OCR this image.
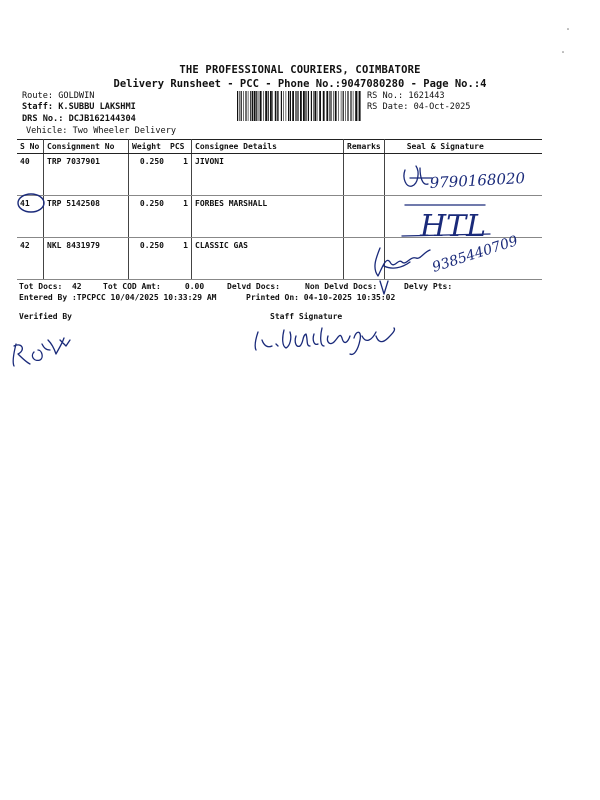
THE PROFESSIONAL COURIERS, COIMBATORE
Delivery Runsheet - PCC - Phone No.:9047080280 - Page No.:4
Route: GOLDWIN
Staff: K.SUBBU LAKSHMI
DRS No.: DCJB162144304
Vehicle: Two Wheeler Delivery
RS No.: 1621443
RS Date: 04-Oct-2025
S No	Consignment No	Weight	PCS	Consignee Details	Remarks	Seal & Signature
40	TRP 7037901	0.250	1	JIVONI		
41	TRP 5142508	0.250	1	FORBES MARSHALL		
42	NKL 8431979	0.250	1	CLASSIC GAS		
Tot Docs:  42	Tot COD Amt:     0.00	Delvd Docs:	Non Delvd Docs:	Delvy Pts:
Entered By :TPCPCC 10/04/2025 10:33:29 AM	Printed On: 04-10-2025 10:35:02
Verified By	Staff Signature
9790168020
HTL
9385440709
